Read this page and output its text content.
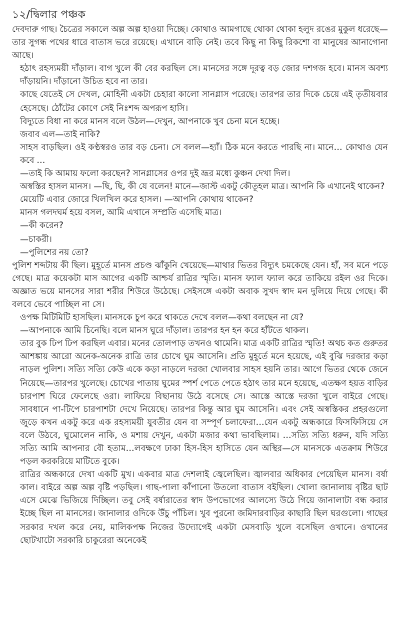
১২/দ্বিলার পঞ্চক

দেবদারু গাছ। চৈত্রের সকালে অল্প অল্প হাওয়া দিচ্ছে। কোথাও আমগাছে থোকা থোকা হলুদ রঙের মুকুল ধরেছে—তার সুগন্ধ পথের ধারে বাতাস ভরে রয়েছে। এখানে বাড়ি নেই। তবে কিছু না কিছু রিকশো বা মানুষের আনাগোনা আছে।

হঠাৎ রহস্যময়ী দাঁড়াল। বাগ খুলে কী বের করছিল সে। মানসের সঙ্গে দূরত্ব বড় জোর দশগজ হবে। মানস অবশ্য দাঁড়ায়নি। দাঁড়ানো উচিত হবে না তার।

কাছে যেতেই সে দেখল, মোহিনী একটা চেহারা কালো সানগ্লাস পরেছে। তারপর তার দিকে চেয়ে এই তৃতীয়বার হেসেছে। ঠোঁটের কোণে সেই নিঃশব্দ অপরূপ হাসি।

বিদ্যুতে বিধা না করে মানস বলে উঠল—দেখুন, আপনাকে খুব চেনা মনে হচ্ছে।

জবাব এল—তাই নাকি?

সাহস বাড়ছিল। ওই কণ্ঠস্বরও তার বড় চেনা। সে বলল—হ্যাঁ। ঠিক মনে করতে পারছি না। মানে… কোথাও যেন কবে …

—তাই কি আমায় ফলো করছেন? সানগ্লাসের ওপর দুই ভ্রূর মধ্যে কুঞ্চন দেখা দিল।

অস্বস্তির হাসল মানস। —ছি, ছি, কী যে বলেন! মানে—জাস্ট একটু কৌতূহল মাত্র। আপনি কি এখানেই থাকেন?

মেয়েটি এবার জোরে খিলখিল করে হাসল। —আপনি কোথায় থাকেন?

মানস গলদঘর্ম হয়ে বসল, আমি এখানে সম্প্রতি এসেছি মাত্র।

—কী করেন?

—চাকরী।

—পুলিশের নয় তো?

পুলিশ শব্দটায় কী ছিল। মুহূর্তে মানস প্রচণ্ড ঝাঁকুনি খেয়েছে—মাথার ভিতর বিদ্যুৎ চমকেছে যেন। হাঁ, সব মনে পড়ে গেছে। মাত্র কয়েকটা মাস আগের একটি আশ্চর্য রাত্রির স্মৃতি। মানস ফ্যাল ফ্যাল করে তাকিয়ে রইল ওর দিকে। অজ্ঞাত ভয়ে মানসের সারা শরীর শিউরে উঠেছে। সেইসঙ্গে একটা অবাক সুখদ স্বাদ মন দুলিয়ে দিয়ে গেছে। কী বলবে ভেবে পাচ্ছিল না সে।

ওপক্ষ মিটিমিটি হাসছিল। মানসকে চুপ করে থাকতে দেখে বলল—কথা বলছেন না যে?

—আপনাকে আমি চিনেছি। বলে মানস ঘুরে দাঁড়াল। তারপর হন হন করে হাঁটতে থাকল।

তার বুক ঢিপ ঢিপ করছিল এবার। মনের তোলপাড় তখনও থামেনি। মাত্র একটি রাত্রির স্মৃতি! অথচ কত গুরুতর আশঙ্কায় আরো অনেক-অনেক রাত্রি তার চোখে ঘুম আসেনি। প্রতি মুহূর্তে মনে হয়েছে, এই বুঝি দরজার কড়া নাড়ল পুলিশ। সত্যি সত্যি কেউ একে কড়া নাড়লে দরজা খোলবার সাহস হয়নি তার। আগে ভিতর থেকে জেনে নিয়েছে—তারপর খুলেছে। চোখের পাতায় ঘুমের স্পর্শ পেতে পেতে হঠাৎ তার মনে হয়েছে, এতক্ষণ হয়ত বাড়ির চারপাশ ঘিরে ফেলেছে ওরা। লাফিয়ে বিছানায় উঠে বসেছে সে। আস্তে আস্তে দরজা খুলে বাইরে গেছে। সাবধানে পা-টিপে চারপাশটা দেখে নিয়েছে। তারপর কিন্তু আর ঘুম আসেনি। এবং সেই অস্বস্তিকর প্রহরগুলো জুড়ে কখন একটু করে এক রহস্যময়ী যুবতীর যেন বা সম্পূর্ণ চলাফেরা…যেন একটু অন্ধকারে ফিসফিসিয়ে সে বলে উঠবে, ঘুমোলেন নাকি, ও মশায় দেখুন, একটা মজার কথা ভাবছিলাম। …সত্যি সত্যি ধরুন, যদি সত্যি সত্যি আমি আপনার বৌ হতাম…লবক্ষণে ঢাকা হিস-হিস হাসিতে যেন অস্থির—সে মানসকে এতক্রাম শিউরে পড়ল করকরিয়ে মাটিতে বুকে।

রাত্রির অন্ধকারে দেখা একটি মুখ। একবার মাত্র দেশলাই জ্বেলেছিল। জ্বালবার অধিকার পেয়েছিল মানস। বর্ষা কাল। বাইরে অল্প অল্প বৃষ্টি পড়ছিল। গাছ-পালা কাঁপানো উতলো বাতাস বইছিল। খোলা জানালায় বৃষ্টির ছাট এসে মেঝে ভিজিয়ে দিচ্ছিল। তবু সেই বর্ষারাতের স্বাদ উপভোগের আলস্যে উঠে গিয়ে জানালাটা বন্ধ করার ইচ্ছে ছিল না মানসের। জানালার ওদিকে উঁচু পাঁচিল। খুব পুরনো জমিদারবাড়ির কাছারি ছিল ঘরগুলো। গাছের সরকার দখল করে নেয়, মালিকপক্ষ নিজের উদ্যোগেই একটা মেসবাড়ি খুলে বসেছিল ওখানে। ওখানের ছোটখাটো সরকারি চাকুরেরা অনেকেই
